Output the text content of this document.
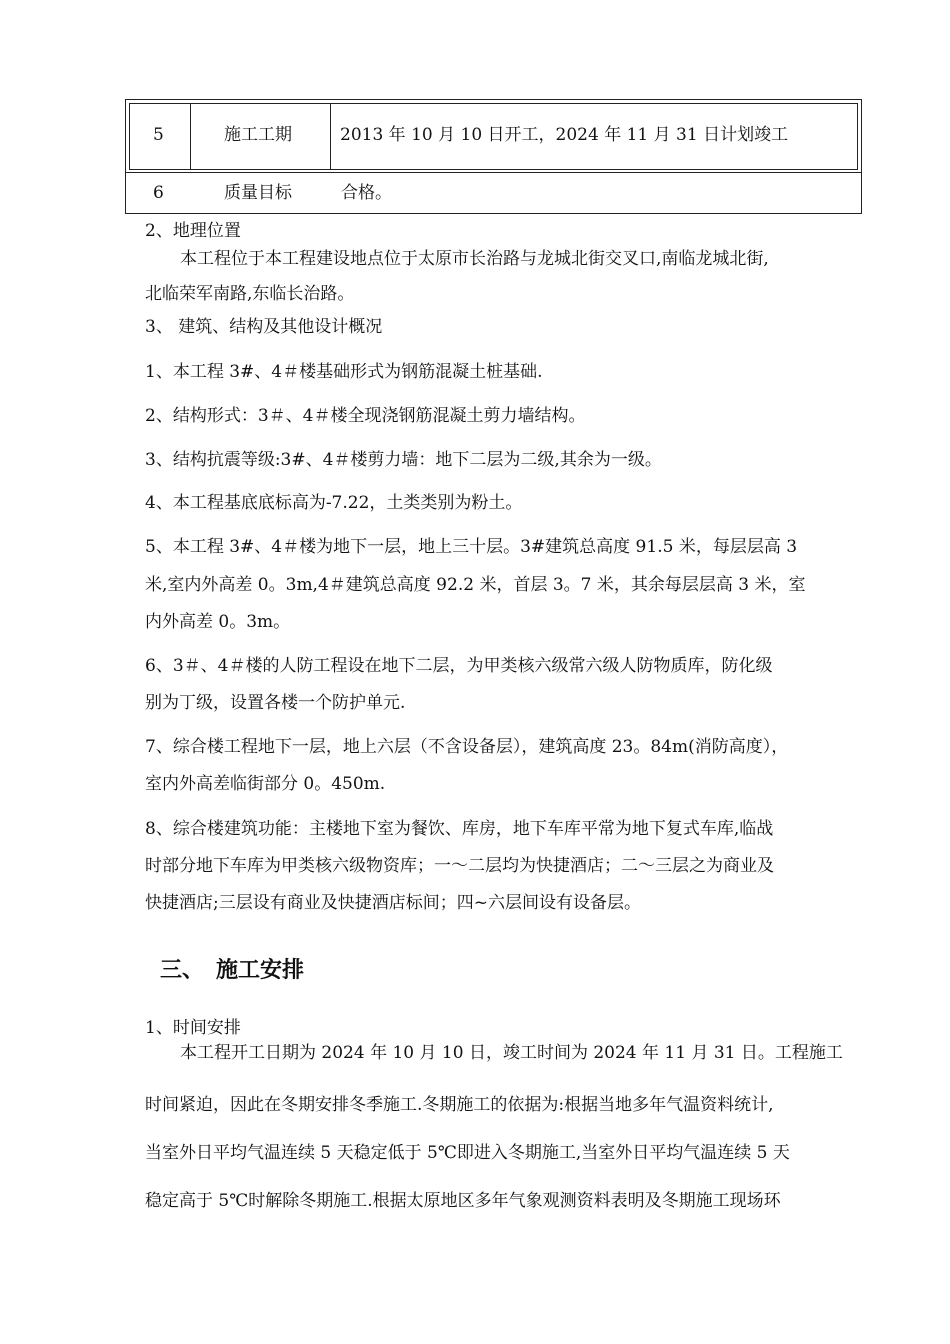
5	施工工期	2013 年 10 月 10 日开工，2024 年 11 月 31 日计划竣工
6	质量目标	合格。
2、地理位置
本工程位于本工程建设地点位于太原市长治路与龙城北街交叉口,南临龙城北街,
北临荣军南路,东临长治路。
3、 建筑、结构及其他设计概况
1、本工程 3#、4＃楼基础形式为钢筋混凝土桩基础.
2、结构形式：3＃、4＃楼全现浇钢筋混凝土剪力墙结构。
3、结构抗震等级:3#、4＃楼剪力墙：地下二层为二级,其余为一级。
4、本工程基底底标高为-7.22，土类类别为粉土。
5、本工程 3#、4＃楼为地下一层，地上三十层。3#建筑总高度 91.5 米，每层层高 3
米,室内外高差 0。3m,4＃建筑总高度 92.2 米，首层 3。7 米，其余每层层高 3 米，室
内外高差 0。3m。
6、3＃、4＃楼的人防工程设在地下二层，为甲类核六级常六级人防物质库，防化级
别为丁级，设置各楼一个防护单元.
7、综合楼工程地下一层，地上六层（不含设备层），建筑高度 23。84m(消防高度），
室内外高差临街部分 0。450m.
8、综合楼建筑功能：主楼地下室为餐饮、库房，地下车库平常为地下复式车库,临战
时部分地下车库为甲类核六级物资库；一～二层均为快捷酒店；二～三层之为商业及
快捷酒店;三层设有商业及快捷酒店标间；四~六层间设有设备层。
三、 施工安排
1、时间安排
本工程开工日期为 2024 年 10 月 10 日，竣工时间为 2024 年 11 月 31 日。工程施工
时间紧迫，因此在冬期安排冬季施工.冬期施工的依据为:根据当地多年气温资料统计,
当室外日平均气温连续 5 天稳定低于 5℃即进入冬期施工,当室外日平均气温连续 5 天
稳定高于 5℃时解除冬期施工.根据太原地区多年气象观测资料表明及冬期施工现场环
